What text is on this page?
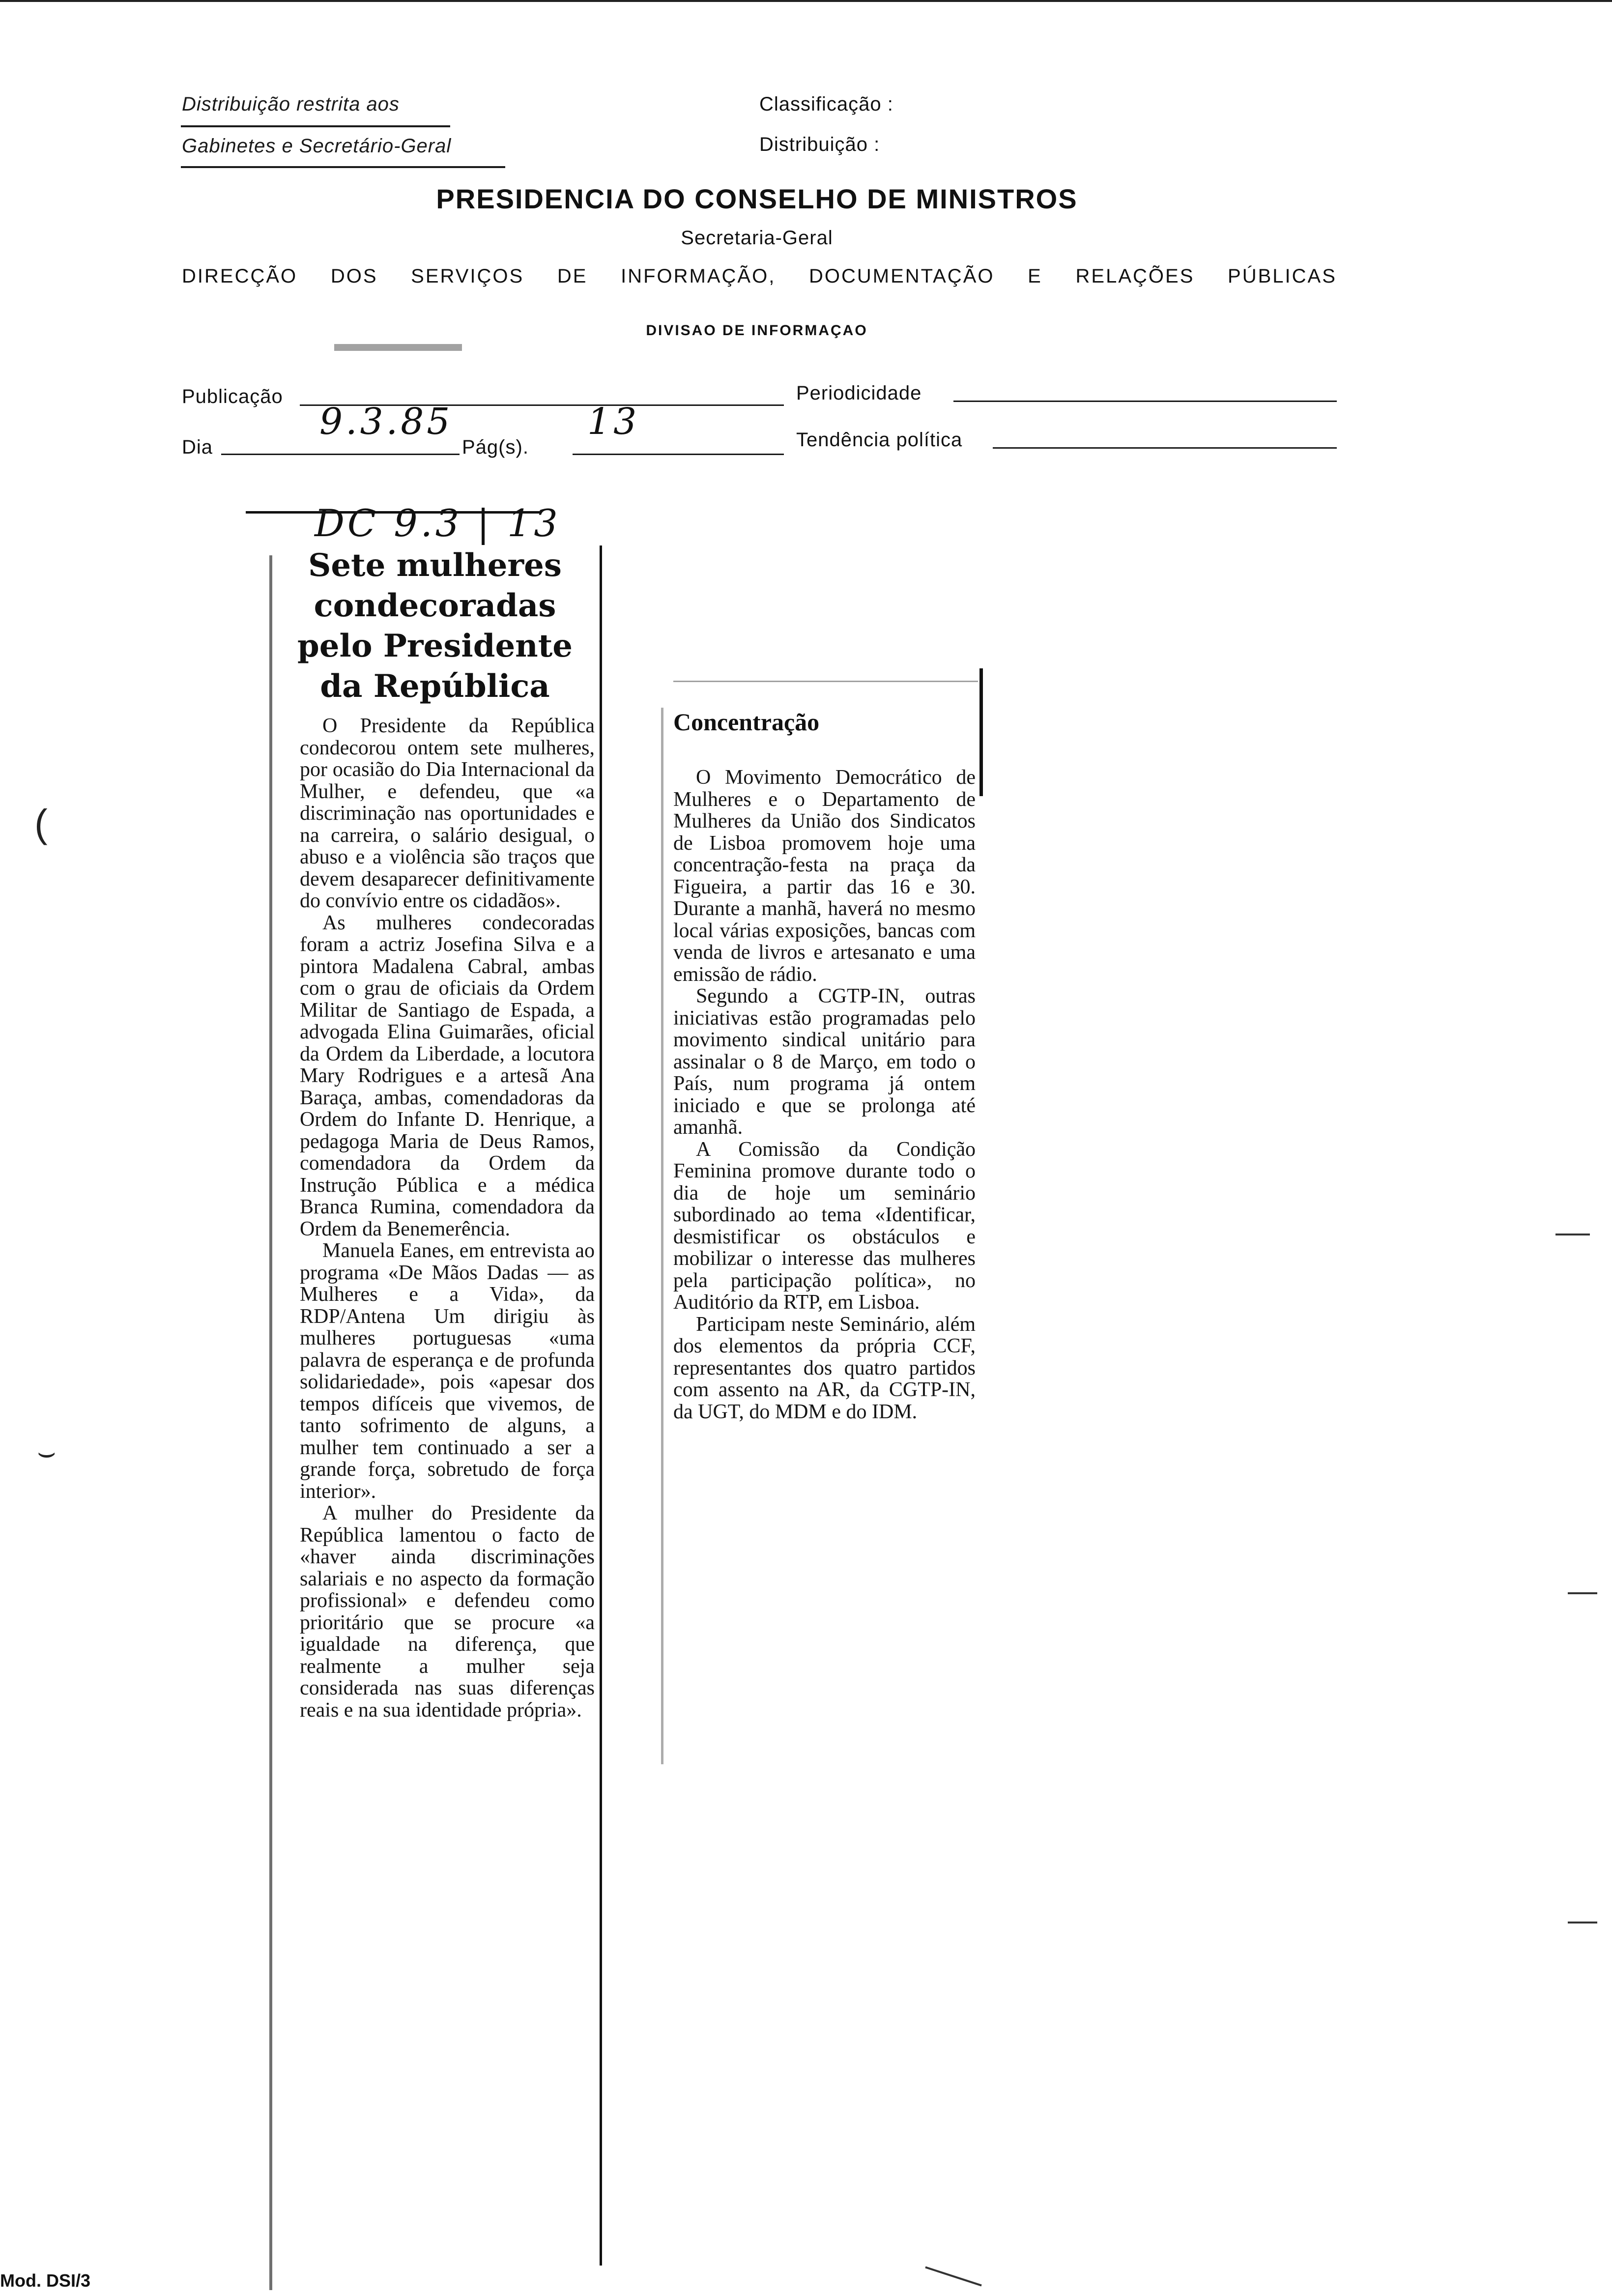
Distribuição restrita aos
Gabinetes e Secretário-Geral
Classificação :
Distribuição :
PRESIDENCIA DO CONSELHO DE MINISTROS
Secretaria-Geral
DIRECÇÃO DOS SERVIÇOS DE INFORMAÇÃO, DOCUMENTAÇÃO E RELAÇÕES PÚBLICAS
DIVISAO DE INFORMAÇAO
Publicação	Periodicidade
Dia
9.3.85
Pág(s).
13	Tendência política
DC 9.3 | 13
Sete mulheres
condecoradas
pelo Presidente
da República

O Presidente da República condecorou ontem sete mulheres, por ocasião do Dia Internacional da Mulher, e defendeu, que «a discriminação nas oportunidades e na carreira, o salário desigual, o abuso e a violência são traços que devem desaparecer definitivamente do convívio entre os cidadãos».

As mulheres condecoradas foram a actriz Josefina Silva e a pintora Madalena Cabral, ambas com o grau de oficiais da Ordem Militar de Santiago de Espada, a advogada Elina Guimarães, oficial da Ordem da Liberdade, a locutora Mary Rodrigues e a artesã Ana Baraça, ambas, comendadoras da Ordem do Infante D. Henrique, a pedagoga Maria de Deus Ramos, comendadora da Ordem da Instrução Pública e a médica Branca Rumina, comendadora da Ordem da Benemerência.

Manuela Eanes, em entrevista ao programa «De Mãos Dadas — as Mulheres e a Vida», da RDP/Antena Um dirigiu às mulheres portuguesas «uma palavra de esperança e de profunda solidariedade», pois «apesar dos tempos difíceis que vivemos, de tanto sofrimento de alguns, a mulher tem continuado a ser a grande força, sobretudo de força interior».

A mulher do Presidente da República lamentou o facto de «haver ainda discriminações salariais e no aspecto da formação profissional» e defendeu como prioritário que se procure «a igualdade na diferença, que realmente a mulher seja considerada nas suas diferenças reais e na sua identidade própria».

Concentração

O Movimento Democrático de Mulheres e o Departamento de Mulheres da União dos Sindicatos de Lisboa promovem hoje uma concentração-festa na praça da Figueira, a partir das 16 e 30. Durante a manhã, haverá no mesmo local várias exposições, bancas com venda de livros e artesanato e uma emissão de rádio.

Segundo a CGTP-IN, outras iniciativas estão programadas pelo movimento sindical unitário para assinalar o 8 de Março, em todo o País, num programa já ontem iniciado e que se prolonga até amanhã.

A Comissão da Condição Feminina promove durante todo o dia de hoje um seminário subordinado ao tema «Identificar, desmistificar os obstáculos e mobilizar o interesse das mulheres pela participação política», no Auditório da RTP, em Lisboa.

Participam neste Seminário, além dos elementos da própria CCF, representantes dos quatro partidos com assento na AR, da CGTP-IN, da UGT, do MDM e do IDM.

(
⌣
Mod. DSI/3
